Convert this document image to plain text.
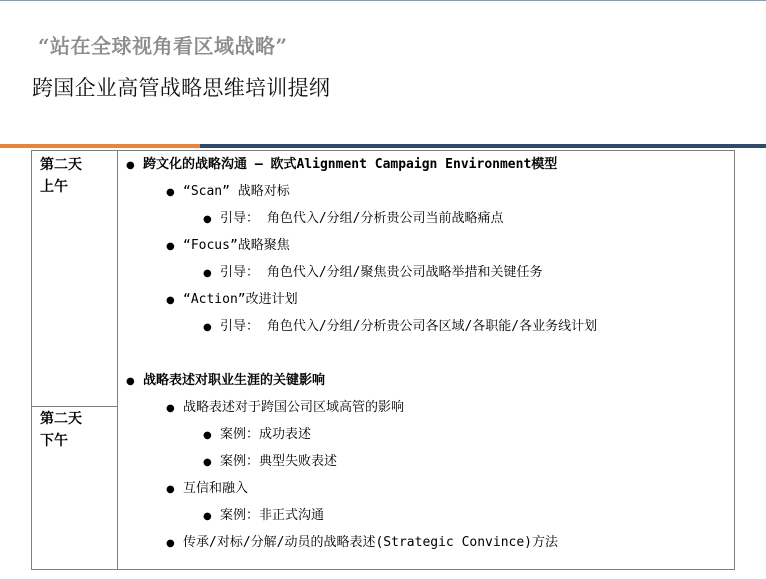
“站在全球视角看区域战略”
跨国企业高管战略思维培训提纲
第二天
上午
第二天
下午
● 跨文化的战略沟通 – 欧式Alignment Campaign Environment模型
● “Scan” 战略对标
● 引导： 角色代入/分组/分析贵公司当前战略痛点
● “Focus”战略聚焦
● 引导： 角色代入/分组/聚焦贵公司战略举措和关键任务
● “Action”改进计划
● 引导： 角色代入/分组/分析贵公司各区域/各职能/各业务线计划
● 战略表述对职业生涯的关键影响
● 战略表述对于跨国公司区域高管的影响
● 案例：成功表述
● 案例：典型失败表述
● 互信和融入
● 案例：非正式沟通
● 传承/对标/分解/动员的战略表述(Strategic Convince)方法
